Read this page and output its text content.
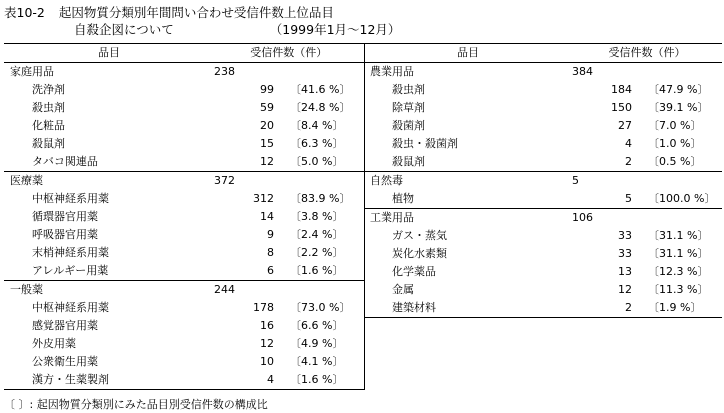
表10-2 起因物質分類別年間問い合わせ受信件数上位品目
自殺企図について	（1999年1月～12月）
品目	受信件数（件）	
家庭用品	238	
洗浄剤	99	〔41.6 %〕
殺虫剤	59	〔24.8 %〕
化粧品	20	〔8.4 %〕
殺鼠剤	15	〔6.3 %〕
タバコ関連品	12	〔5.0 %〕
医療薬	372	
中枢神経系用薬	312	〔83.9 %〕
循環器官用薬	14	〔3.8 %〕
呼吸器官用薬	9	〔2.4 %〕
末梢神経系用薬	8	〔2.2 %〕
アレルギー用薬	6	〔1.6 %〕
一般薬	244	
中枢神経系用薬	178	〔73.0 %〕
感覚器官用薬	16	〔6.6 %〕
外皮用薬	12	〔4.9 %〕
公衆衛生用薬	10	〔4.1 %〕
漢方・生薬製剤	4	〔1.6 %〕
品目	受信件数（件）	
農業用品	384	
殺虫剤	184	〔47.9 %〕
除草剤	150	〔39.1 %〕
殺菌剤	27	〔7.0 %〕
殺虫・殺菌剤	4	〔1.0 %〕
殺鼠剤	2	〔0.5 %〕
自然毒	5	
植物	5	〔100.0 %〕
工業用品	106	
ガス・蒸気	33	〔31.1 %〕
炭化水素類	33	〔31.1 %〕
化学薬品	13	〔12.3 %〕
金属	12	〔11.3 %〕
建築材料	2	〔1.9 %〕
〔 〕: 起因物質分類別にみた品目別受信件数の構成比
